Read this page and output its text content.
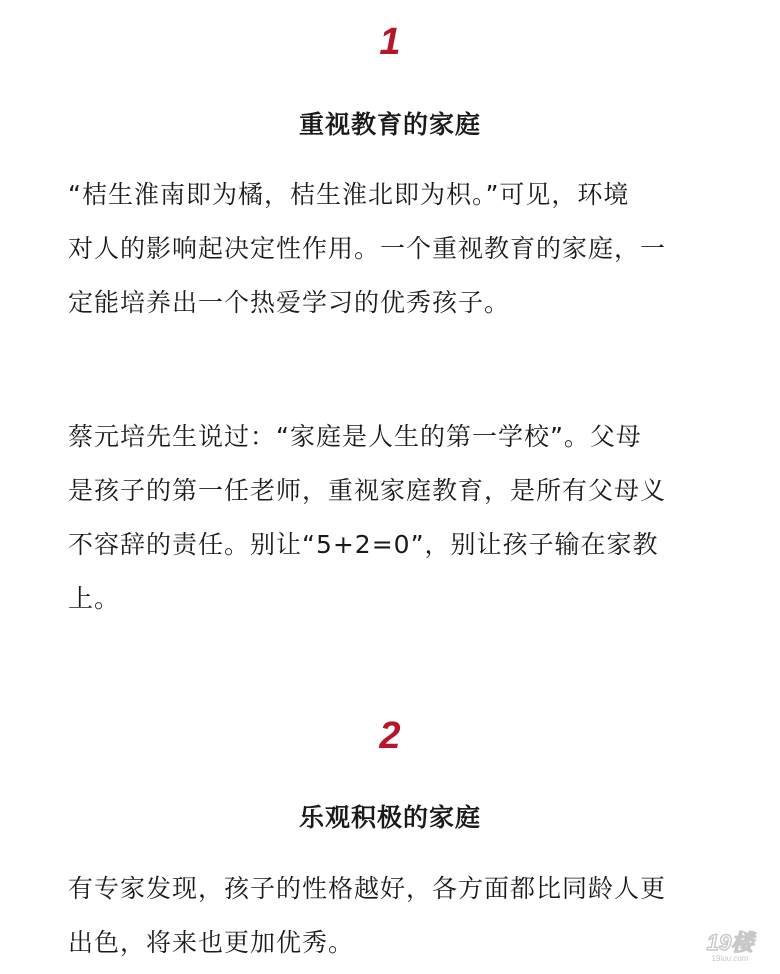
1
重视教育的家庭
“桔生淮南即为橘，桔生淮北即为枳。”可见，环境
对人的影响起决定性作用。一个重视教育的家庭，一
定能培养出一个热爱学习的优秀孩子。
蔡元培先生说过：“家庭是人生的第一学校”。父母
是孩子的第一任老师，重视家庭教育，是所有父母义
不容辞的责任。别让“5+2=0”，别让孩子输在家教
上。
2
乐观积极的家庭
有专家发现，孩子的性格越好，各方面都比同龄人更
出色，将来也更加优秀。	19楼
19lou.com
